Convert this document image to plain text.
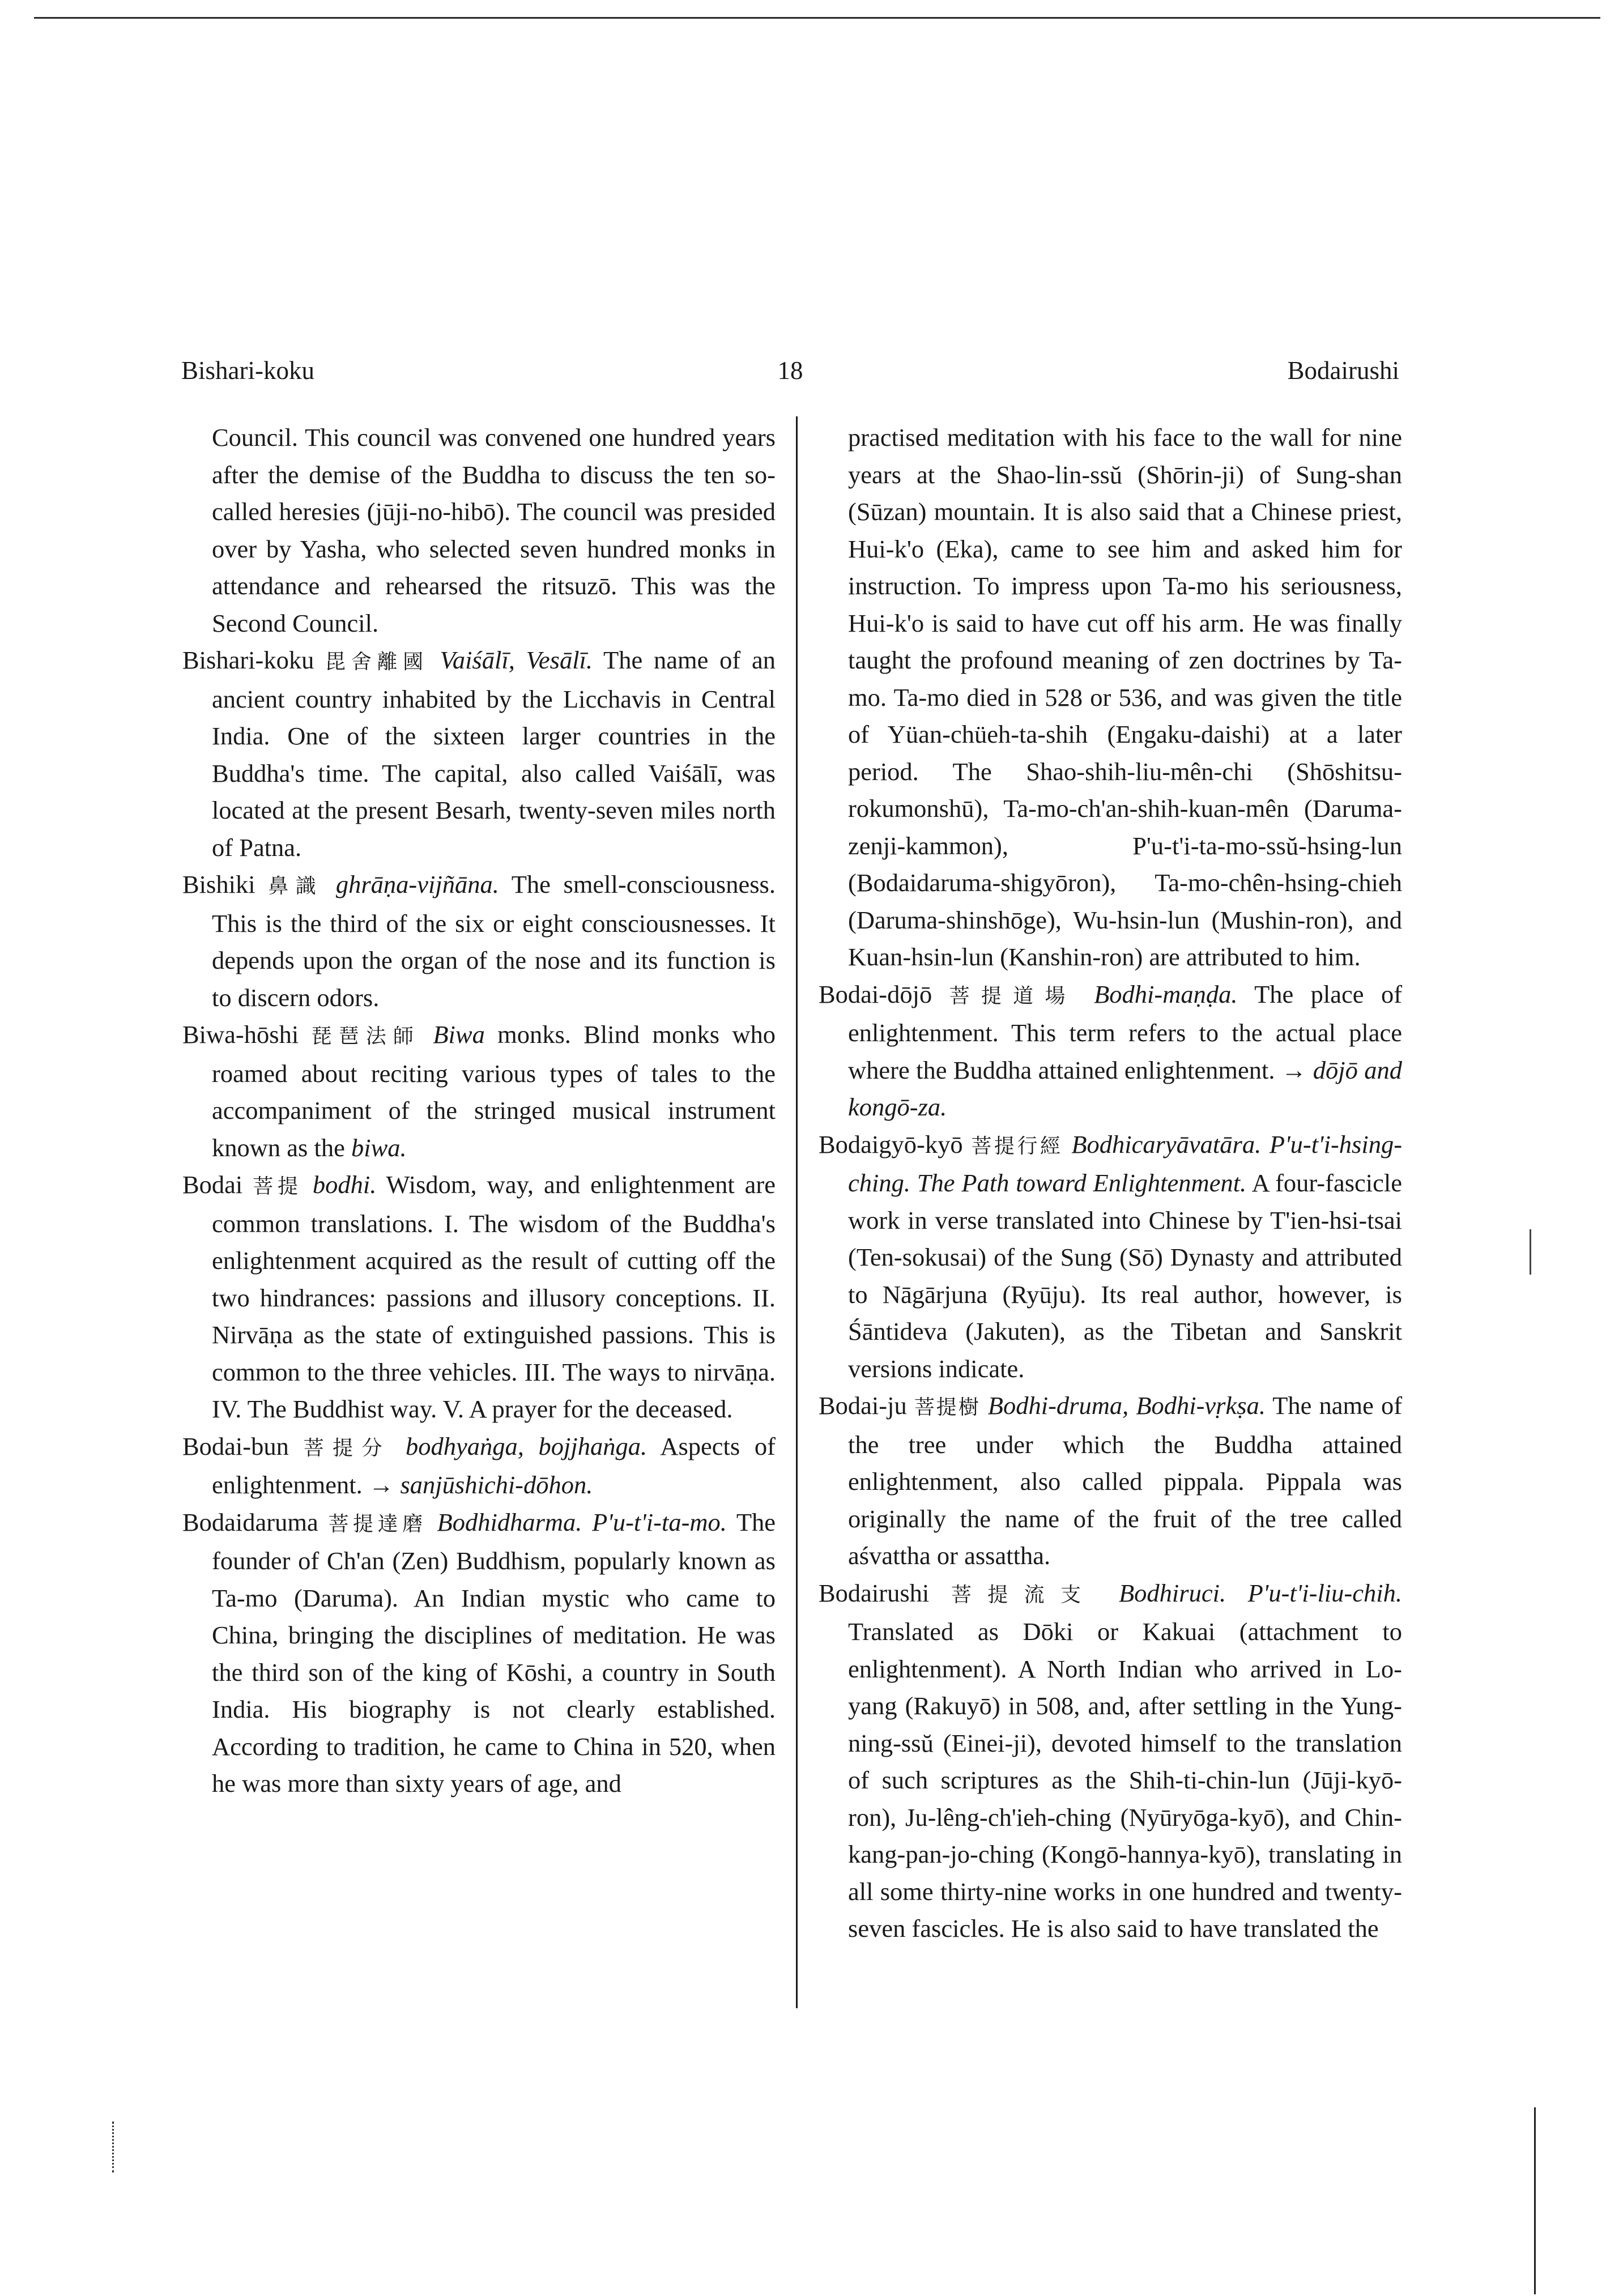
Bishari-koku	18	Bodairushi

Council. This council was convened one hundred years after the demise of the Buddha to discuss the ten so-called heresies (jūji-no-hibō). The council was presided over by Yasha, who selected seven hundred monks in attendance and rehearsed the ritsuzō. This was the Second Council.

Bishari-koku 毘舍離國 Vaiśālī, Vesālī. The name of an ancient country inhabited by the Licchavis in Central India. One of the sixteen larger countries in the Buddha's time. The capital, also called Vaiśālī, was located at the present Besarh, twenty-seven miles north of Patna.

Bishiki 鼻識 ghrāṇa-vijñāna. The smell-consciousness. This is the third of the six or eight consciousnesses. It depends upon the organ of the nose and its function is to discern odors.

Biwa-hōshi 琵琶法師 Biwa monks. Blind monks who roamed about reciting various types of tales to the accompaniment of the stringed musical instrument known as the biwa.

Bodai 菩提 bodhi. Wisdom, way, and enlightenment are common translations. I. The wisdom of the Buddha's enlightenment acquired as the result of cutting off the two hindrances: passions and illusory conceptions. II. Nirvāṇa as the state of extinguished passions. This is common to the three vehicles. III. The ways to nirvāṇa. IV. The Buddhist way. V. A prayer for the deceased.

Bodai-bun 菩提分 bodhyaṅga, bojjhaṅga. Aspects of enlightenment. → sanjūshichi-dōhon.

Bodaidaruma 菩提達磨 Bodhidharma. P'u-t'i-ta-mo. The founder of Ch'an (Zen) Buddhism, popularly known as Ta-mo (Daruma). An Indian mystic who came to China, bringing the disciplines of meditation. He was the third son of the king of Kōshi, a country in South India. His biography is not clearly established. According to tradition, he came to China in 520, when he was more than sixty years of age, and

practised meditation with his face to the wall for nine years at the Shao-lin-ssŭ (Shōrin-ji) of Sung-shan (Sūzan) mountain. It is also said that a Chinese priest, Hui-k'o (Eka), came to see him and asked him for instruction. To impress upon Ta-mo his seriousness, Hui-k'o is said to have cut off his arm. He was finally taught the profound meaning of zen doctrines by Ta-mo. Ta-mo died in 528 or 536, and was given the title of Yüan-chüeh-ta-shih (Engaku-daishi) at a later period. The Shao-shih-liu-mên-chi (Shōshitsu-rokumonshū), Ta-mo-ch'an-shih-kuan-mên (Daruma-zenji-kammon), P'u-t'i-ta-mo-ssŭ-hsing-lun (Bodaidaruma-shigyōron), Ta-mo-chên-hsing-chieh (Daruma-shinshōge), Wu-hsin-lun (Mushin-ron), and Kuan-hsin-lun (Kanshin-ron) are attributed to him.

Bodai-dōjō 菩提道場 Bodhi-maṇḍa. The place of enlightenment. This term refers to the actual place where the Buddha attained enlightenment. → dōjō and kongō-za.

Bodaigyō-kyō 菩提行經 Bodhicaryāvatāra. P'u-t'i-hsing-ching. The Path toward Enlightenment. A four-fascicle work in verse translated into Chinese by T'ien-hsi-tsai (Ten-sokusai) of the Sung (Sō) Dynasty and attributed to Nāgārjuna (Ryūju). Its real author, however, is Śāntideva (Jakuten), as the Tibetan and Sanskrit versions indicate.

Bodai-ju 菩提樹 Bodhi-druma, Bodhi-vṛkṣa. The name of the tree under which the Buddha attained enlightenment, also called pippala. Pippala was originally the name of the fruit of the tree called aśvattha or assattha.

Bodairushi 菩提流支 Bodhiruci. P'u-t'i-liu-chih. Translated as Dōki or Kakuai (attachment to enlightenment). A North Indian who arrived in Lo-yang (Rakuyō) in 508, and, after settling in the Yung-ning-ssŭ (Einei-ji), devoted himself to the translation of such scriptures as the Shih-ti-chin-lun (Jūji-kyō-ron), Ju-lêng-ch'ieh-ching (Nyūryōga-kyō), and Chin-kang-pan-jo-ching (Kongō-hannya-kyō), translating in all some thirty-nine works in one hundred and twenty-seven fascicles. He is also said to have translated the
